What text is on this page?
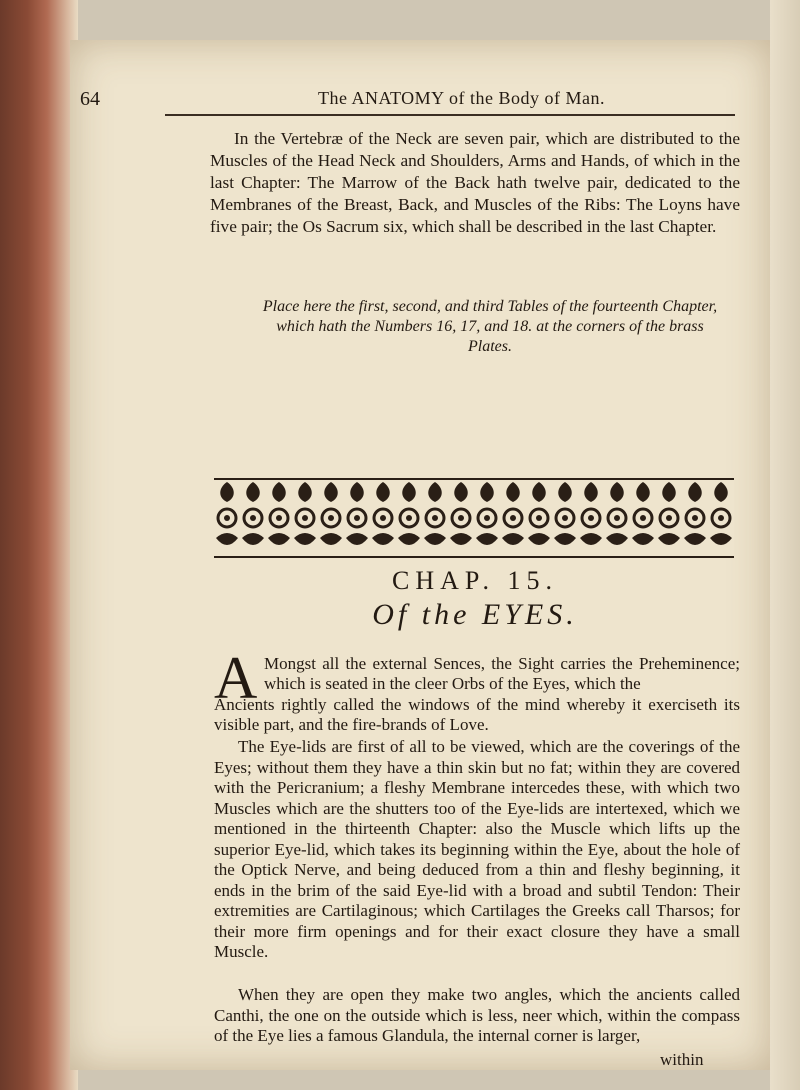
64	The ANATOMY of the Body of Man.
In the Vertebræ of the Neck are seven pair, which are distributed to the Muscles of the Head Neck and Shoulders, Arms and Hands, of which in the last Chapter: The Marrow of the Back hath twelve pair, dedicated to the Membranes of the Breast, Back, and Muscles of the Ribs: The Loyns have five pair; the Os Sacrum six, which shall be described in the last Chapter.
Place here the first, second, and third Tables of the fourteenth Chapter, which hath the Numbers 16, 17, and 18. at the corners of the brass Plates.
CHAP. 15.
Of the EYES.
A Mongst all the external Sences, the Sight carries the Preheminence; which is seated in the cleer Orbs of the Eyes, which the
Ancients rightly called the windows of the mind whereby it exerciseth its visible part, and the fire-brands of Love.
The Eye-lids are first of all to be viewed, which are the coverings of the Eyes; without them they have a thin skin but no fat; within they are covered with the Pericranium; a fleshy Membrane intercedes these, with which two Muscles which are the shutters too of the Eye-lids are intertexed, which we mentioned in the thirteenth Chapter: also the Muscle which lifts up the superior Eye-lid, which takes its beginning within the Eye, about the hole of the Optick Nerve, and being deduced from a thin and fleshy beginning, it ends in the brim of the said Eye-lid with a broad and subtil Tendon: Their extremities are Cartilaginous; which Cartilages the Greeks call Tharsos; for their more firm openings and for their exact closure they have a small Muscle.
When they are open they make two angles, which the ancients called Canthi, the one on the outside which is less, neer which, within the compass of the Eye lies a famous Glandula, the internal corner is larger,
within
